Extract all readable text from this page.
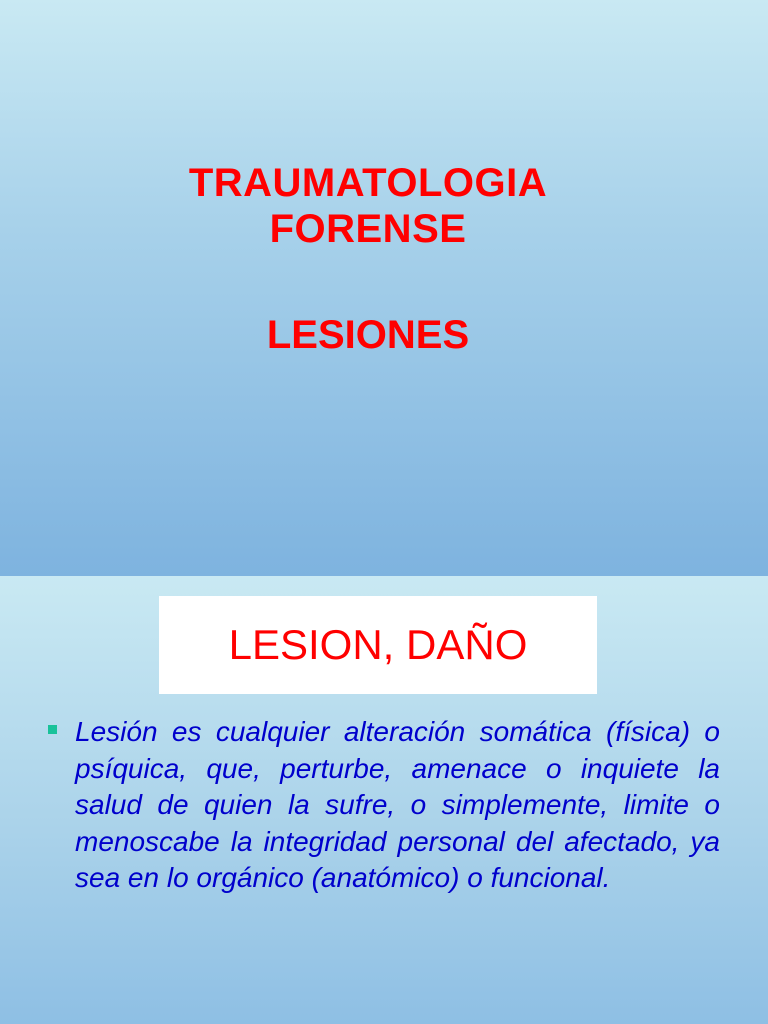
TRAUMATOLOGIA
FORENSE
LESIONES
LESION, DAÑO
Lesión es cualquier alteración somática (física) o psíquica, que, perturbe, amenace o inquiete la salud de quien la sufre, o simplemente, limite o menoscabe la integridad personal del afectado, ya sea en lo orgánico (anatómico) o funcional.
